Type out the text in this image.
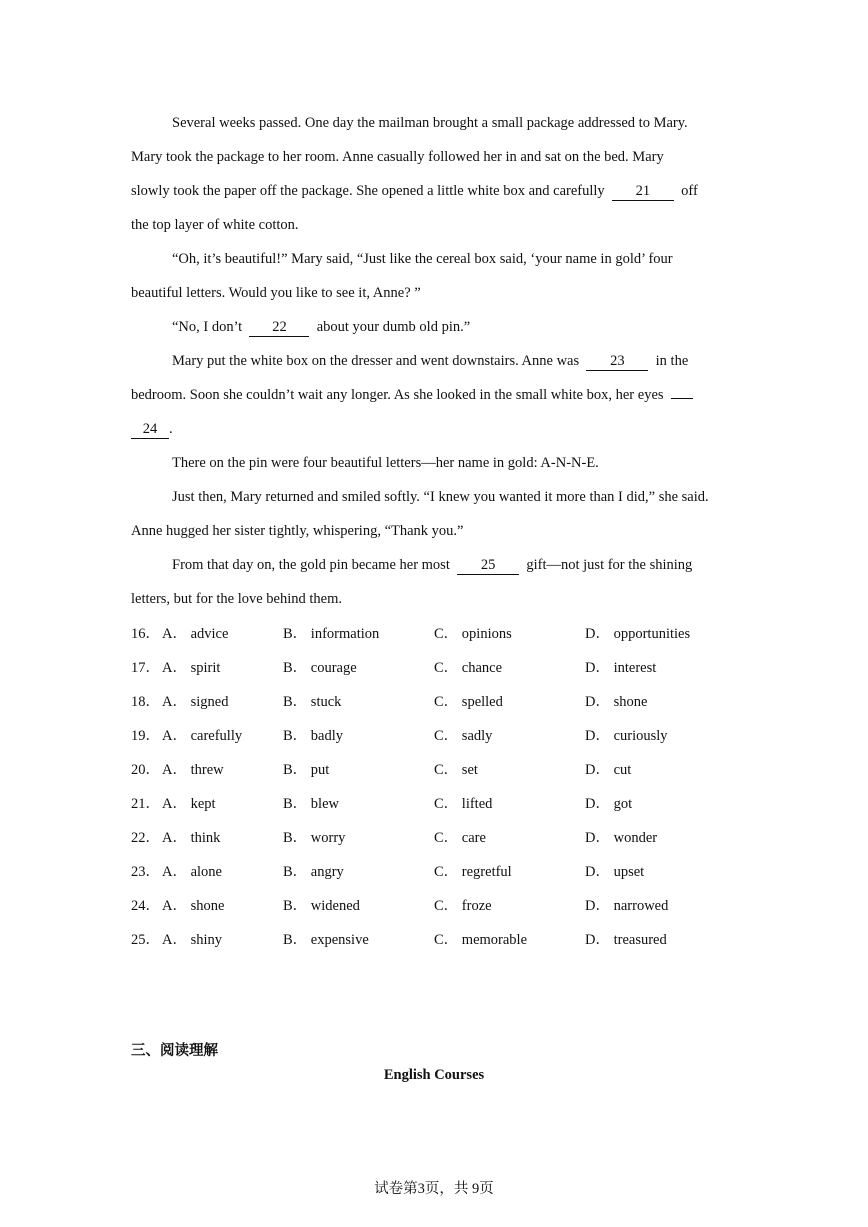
Several weeks passed. One day the mailman brought a small package addressed to Mary.
Mary took the package to her room. Anne casually followed her in and sat on the bed. Mary
slowly took the paper off the package. She opened a little white box and carefully 21 off
the top layer of white cotton.

“Oh, it’s beautiful!” Mary said, “Just like the cereal box said, ‘your name in gold’ four
beautiful letters. Would you like to see it, Anne? ”

“No, I don’t 22 about your dumb old pin.”

Mary put the white box on the dresser and went downstairs. Anne was 23 in the
bedroom. Soon she couldn’t wait any longer. As she looked in the small white box, her eyes
24 .

There on the pin were four beautiful letters—her name in gold: A-N-N-E.

Just then, Mary returned and smiled softly. “I knew you wanted it more than I did,” she said.
Anne hugged her sister tightly, whispering, “Thank you.”

From that day on, the gold pin became her most 25 gift—not just for the shining
letters, but for the love behind them.

16． A． advice	B． information	C． opinions	D． opportunities
17． A． spirit	B． courage	C． chance	D． interest
18． A． signed	B． stuck	C． spelled	D． shone
19． A． carefully	B． badly	C． sadly	D． curiously
20． A． threw	B． put	C． set	D． cut
21． A． kept	B． blew	C． lifted	D． got
22． A． think	B． worry	C． care	D． wonder
23． A． alone	B． angry	C． regretful	D． upset
24． A． shone	B． widened	C． froze	D． narrowed
25． A． shiny	B． expensive	C． memorable	D． treasured
三、阅读理解
English Courses
试卷第3页，共 9页
